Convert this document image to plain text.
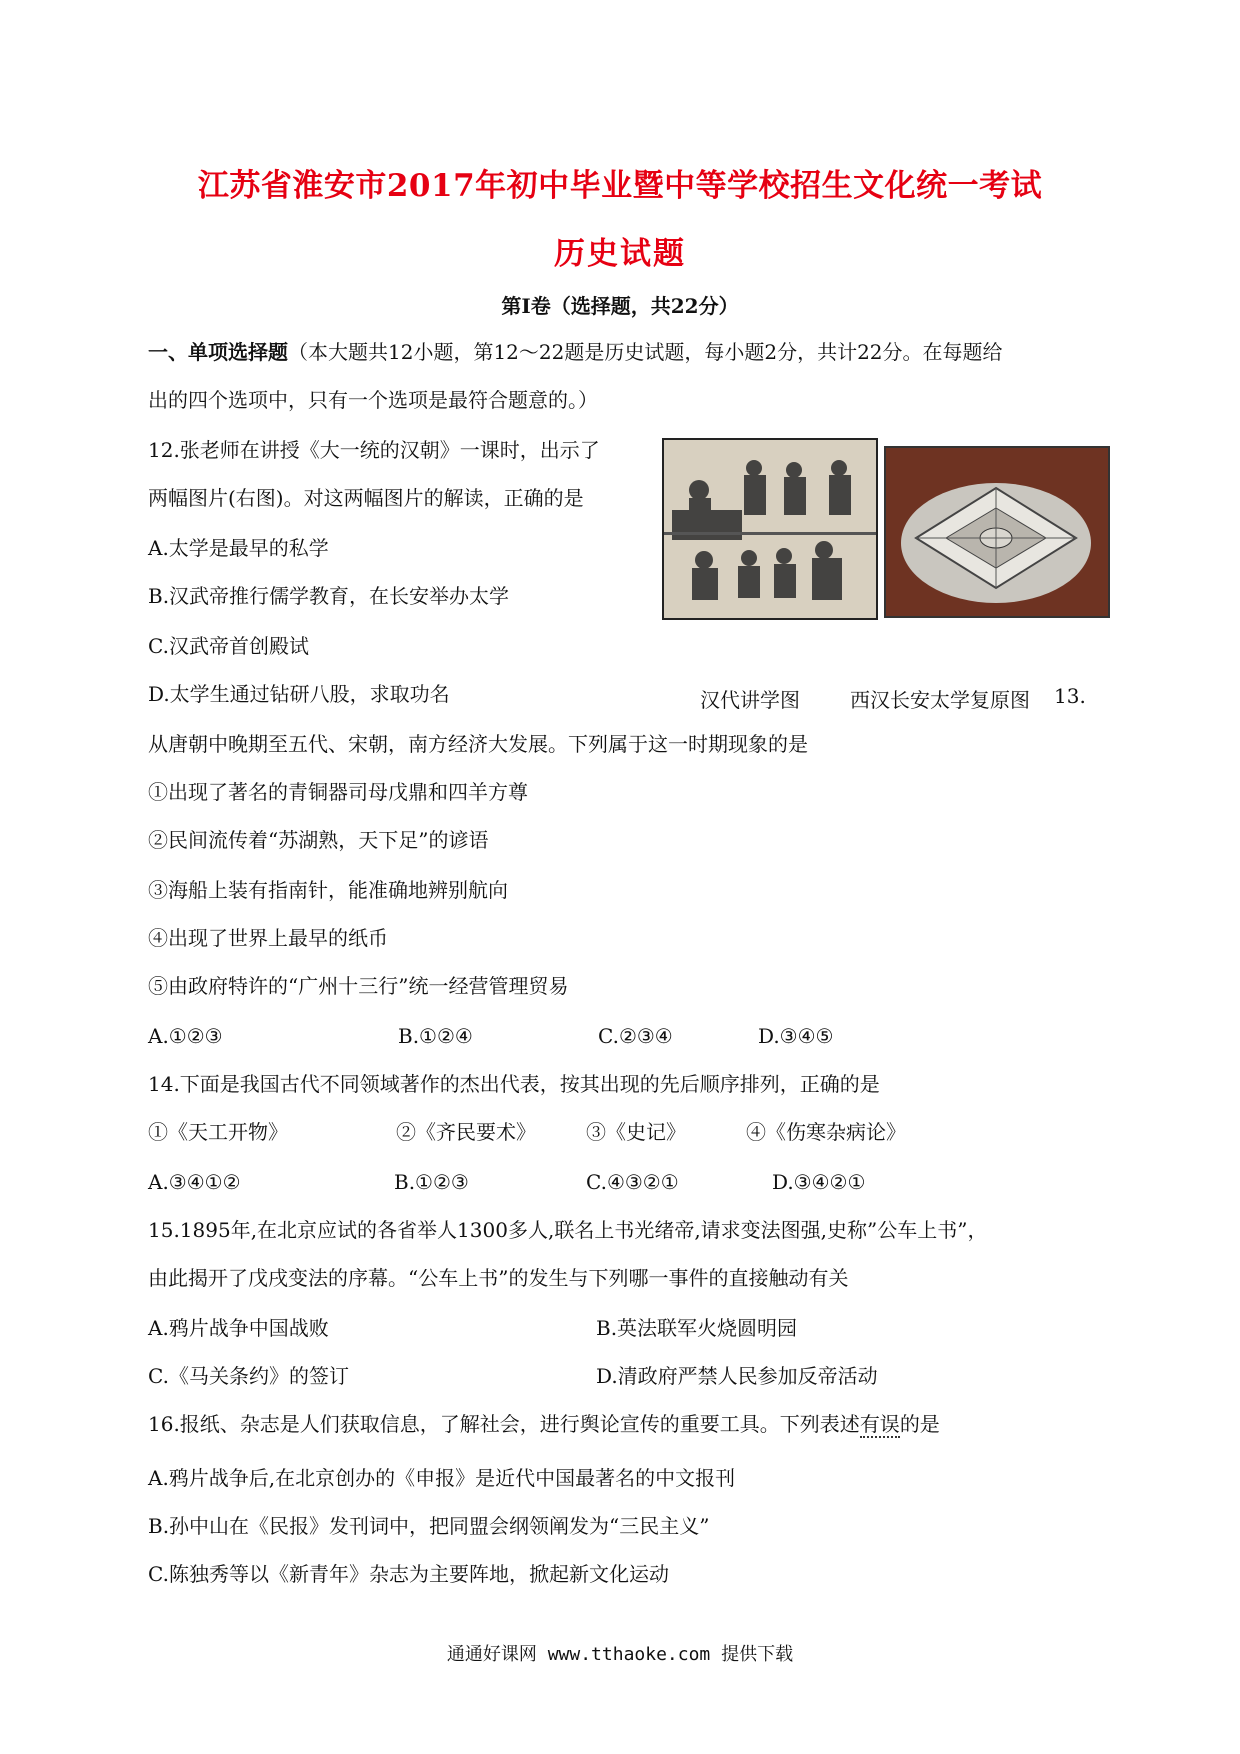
江苏省淮安市2017年初中毕业暨中等学校招生文化统一考试
历史试题
第Ⅰ卷（选择题，共22分）
一、单项选择题（本大题共12小题，第12～22题是历史试题，每小题2分，共计22分。在每题给
出的四个选项中，只有一个选项是最符合题意的。）
12.张老师在讲授《大一统的汉朝》一课时，出示了
两幅图片(右图)。对这两幅图片的解读，正确的是
A.太学是最早的私学
B.汉武帝推行儒学教育，在长安举办太学
C.汉武帝首创殿试
D.太学生通过钻研八股，求取功名	汉代讲学图	西汉长安太学复原图 13.
从唐朝中晚期至五代、宋朝，南方经济大发展。下列属于这一时期现象的是
①出现了著名的青铜器司母戊鼎和四羊方尊
②民间流传着“苏湖熟，天下足”的谚语
③海船上装有指南针，能准确地辨别航向
④出现了世界上最早的纸币
⑤由政府特许的“广州十三行”统一经营管理贸易
A.①②③	B.①②④	C.②③④	D.③④⑤
14.下面是我国古代不同领域著作的杰出代表，按其出现的先后顺序排列，正确的是
①《天工开物》	②《齐民要术》	③《史记》	④《伤寒杂病论》
A.③④①②	B.①②③	C.④③②①	D.③④②①
15.1895年,在北京应试的各省举人1300多人,联名上书光绪帝,请求变法图强,史称”公车上书”，
由此揭开了戊戌变法的序幕。“公车上书”的发生与下列哪一事件的直接触动有关
A.鸦片战争中国战败	B.英法联军火烧圆明园
C.《马关条约》的签订	D.清政府严禁人民参加反帝活动
16.报纸、杂志是人们获取信息，了解社会，进行舆论宣传的重要工具。下列表述有误的是
A.鸦片战争后,在北京创办的《申报》是近代中国最著名的中文报刊
B.孙中山在《民报》发刊词中，把同盟会纲领阐发为“三民主义”
C.陈独秀等以《新青年》杂志为主要阵地，掀起新文化运动
通通好课网 www.tthaoke.com 提供下载
